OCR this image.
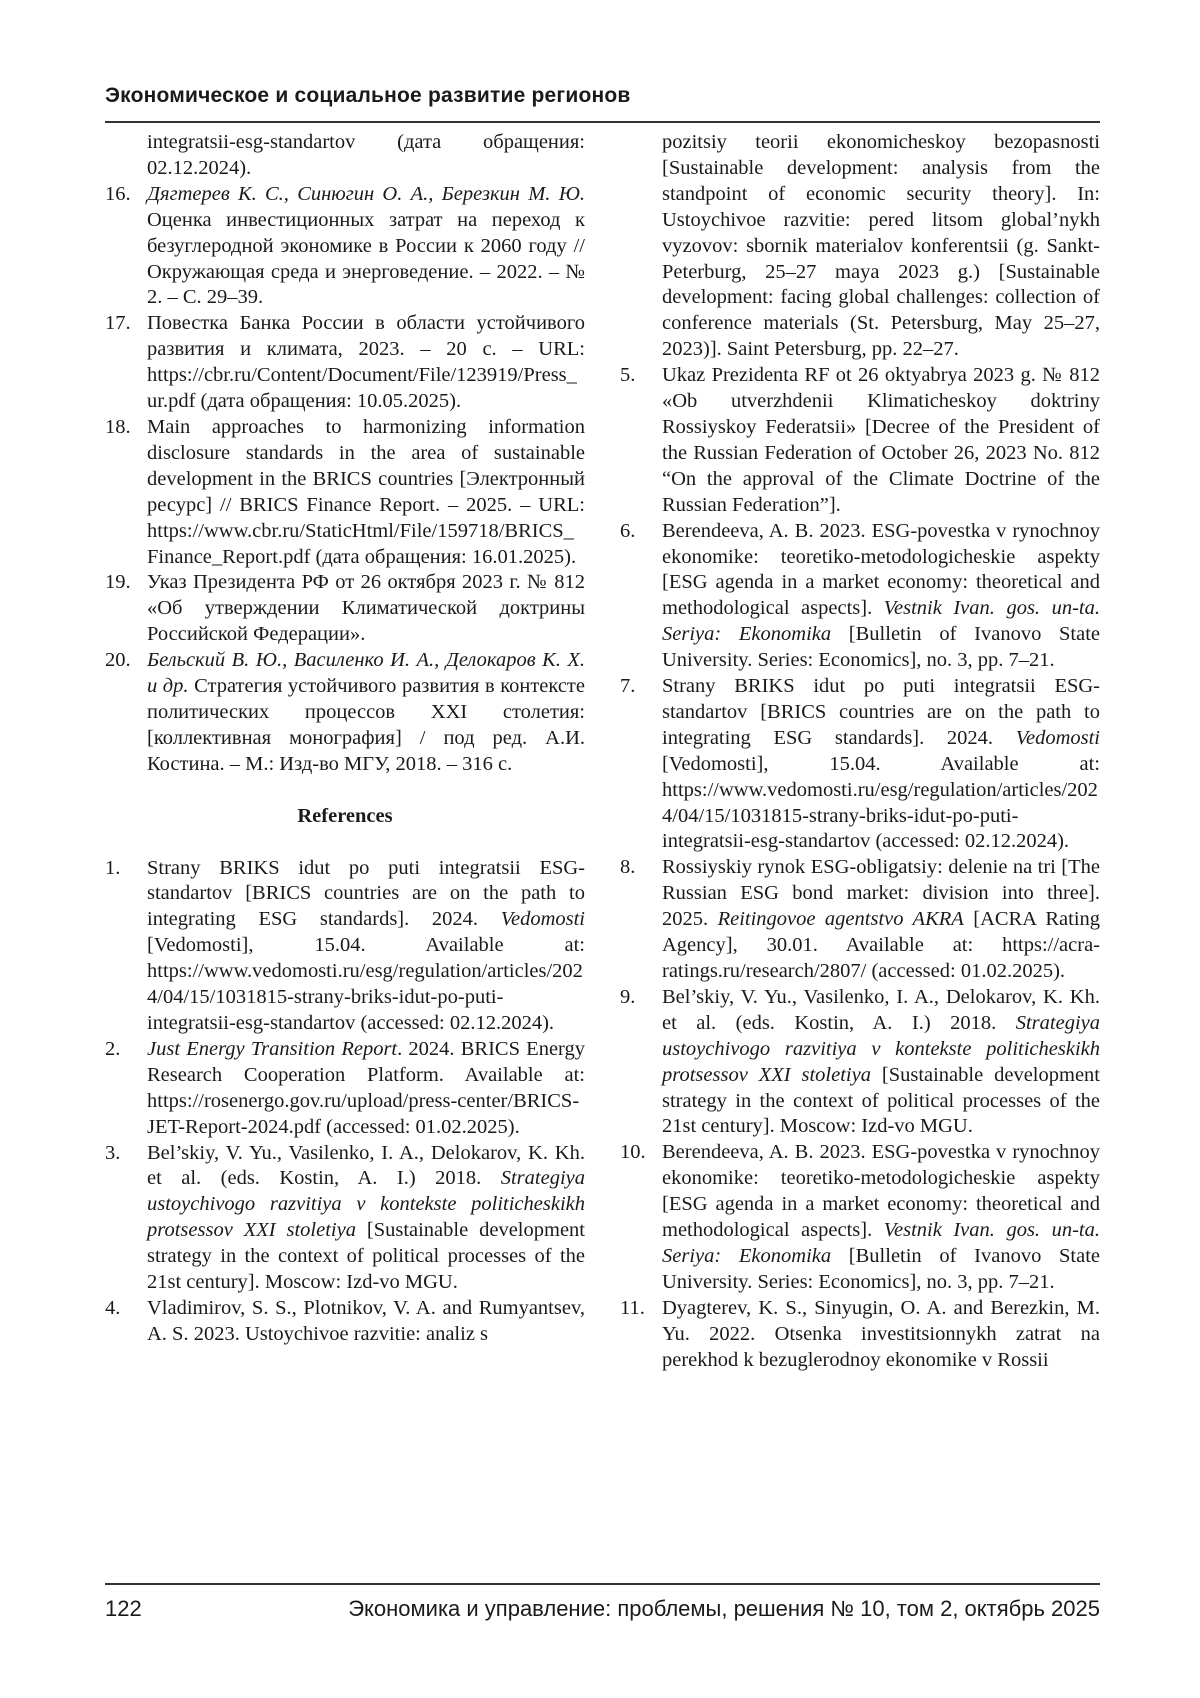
Экономическое и социальное развитие регионов
integratsii-esg-standartov (дата обращения: 02.12.2024).
16. Дягтерев К. С., Синюгин О. А., Березкин М. Ю. Оценка инвестиционных затрат на переход к безуглеродной экономике в России к 2060 году // Окружающая среда и энерговедение. – 2022. – № 2. – С. 29–39.
17. Повестка Банка России в области устойчивого развития и климата, 2023. – 20 с. – URL: https://cbr.ru/Content/Document/File/123919/Press_ur.pdf (дата обращения: 10.05.2025).
18. Main approaches to harmonizing information disclosure standards in the area of sustainable development in the BRICS countries [Электронный ресурс] // BRICS Finance Report. – 2025. – URL: https://www.cbr.ru/StaticHtml/File/159718/BRICS_Finance_Report.pdf (дата обращения: 16.01.2025).
19. Указ Президента РФ от 26 октября 2023 г. № 812 «Об утверждении Климатической доктрины Российской Федерации».
20. Бельский В. Ю., Василенко И. А., Делокаров К. Х. и др. Стратегия устойчивого развития в контексте политических процессов XXI столетия: [коллективная монография] / под ред. А.И. Костина. – М.: Изд-во МГУ, 2018. – 316 с.
References
1.	Strany BRIKS idut po puti integratsii ESG-standartov [BRICS countries are on the path to integrating ESG standards]. 2024. Vedomosti [Vedomosti], 15.04. Available at: https://www.vedomosti.ru/esg/regulation/articles/2024/04/15/1031815-strany-briks-idut-po-puti-integratsii-esg-standartov (accessed: 02.12.2024).
2.	Just Energy Transition Report. 2024. BRICS Energy Research Cooperation Platform. Available at: https://rosenergo.gov.ru/upload/press-center/BRICS-JET-Report-2024.pdf (accessed: 01.02.2025).
3.	Bel’skiy, V. Yu., Vasilenko, I. A., Delokarov, K. Kh. et al. (eds. Kostin, A. I.) 2018. Strategiya ustoychivogo razvitiya v kontekste politicheskikh protsessov XXI stoletiya [Sustainable development strategy in the context of political processes of the 21st century]. Moscow: Izd-vo MGU.
4.	Vladimirov, S. S., Plotnikov, V. A. and Rumyantsev, A. S. 2023. Ustoychivoe razvitie: analiz s
pozitsiy teorii ekonomicheskoy bezopasnosti [Sustainable development: analysis from the standpoint of economic security theory]. In: Ustoychivoe razvitie: pered litsom global’nykh vyzovov: sbornik materialov konferentsii (g. Sankt-Peterburg, 25–27 maya 2023 g.) [Sustainable development: facing global challenges: collection of conference materials (St. Petersburg, May 25–27, 2023)]. Saint Petersburg, pp. 22–27.
5.	Ukaz Prezidenta RF ot 26 oktyabrya 2023 g. № 812 «Ob utverzhdenii Klimaticheskoy doktriny Rossiyskoy Federatsii» [Decree of the President of the Russian Federation of October 26, 2023 No. 812 “On the approval of the Climate Doctrine of the Russian Federation”].
6.	Berendeeva, A. B. 2023. ESG-povestka v rynochnoy ekonomike: teoretiko-metodologicheskie aspekty [ESG agenda in a market economy: theoretical and methodological aspects]. Vestnik Ivan. gos. un-ta. Seriya: Ekonomika [Bulletin of Ivanovo State University. Series: Economics], no. 3, pp. 7–21.
7.	Strany BRIKS idut po puti integratsii ESG-standartov [BRICS countries are on the path to integrating ESG standards]. 2024. Vedomosti [Vedomosti], 15.04. Available at: https://www.vedomosti.ru/esg/regulation/articles/2024/04/15/1031815-strany-briks-idut-po-puti-integratsii-esg-standartov (accessed: 02.12.2024).
8.	Rossiyskiy rynok ESG-obligatsiy: delenie na tri [The Russian ESG bond market: division into three]. 2025. Reitingovoe agentstvo AKRA [ACRA Rating Agency], 30.01. Available at: https://acra-ratings.ru/research/2807/ (accessed: 01.02.2025).
9.	Bel’skiy, V. Yu., Vasilenko, I. A., Delokarov, K. Kh. et al. (eds. Kostin, A. I.) 2018. Strategiya ustoychivogo razvitiya v kontekste politicheskikh protsessov XXI stoletiya [Sustainable development strategy in the context of political processes of the 21st century]. Moscow: Izd-vo MGU.
10. Berendeeva, A. B. 2023. ESG-povestka v rynochnoy ekonomike: teoretiko-metodologicheskie aspekty [ESG agenda in a market economy: theoretical and methodological aspects]. Vestnik Ivan. gos. un-ta. Seriya: Ekonomika [Bulletin of Ivanovo State University. Series: Economics], no. 3, pp. 7–21.
11. Dyagterev, K. S., Sinyugin, O. A. and Berezkin, M. Yu. 2022. Otsenka investitsionnykh zatrat na perekhod k bezuglerodnoy ekonomike v Rossii
122	Экономика и управление: проблемы, решения № 10, том 2, октябрь 2025
